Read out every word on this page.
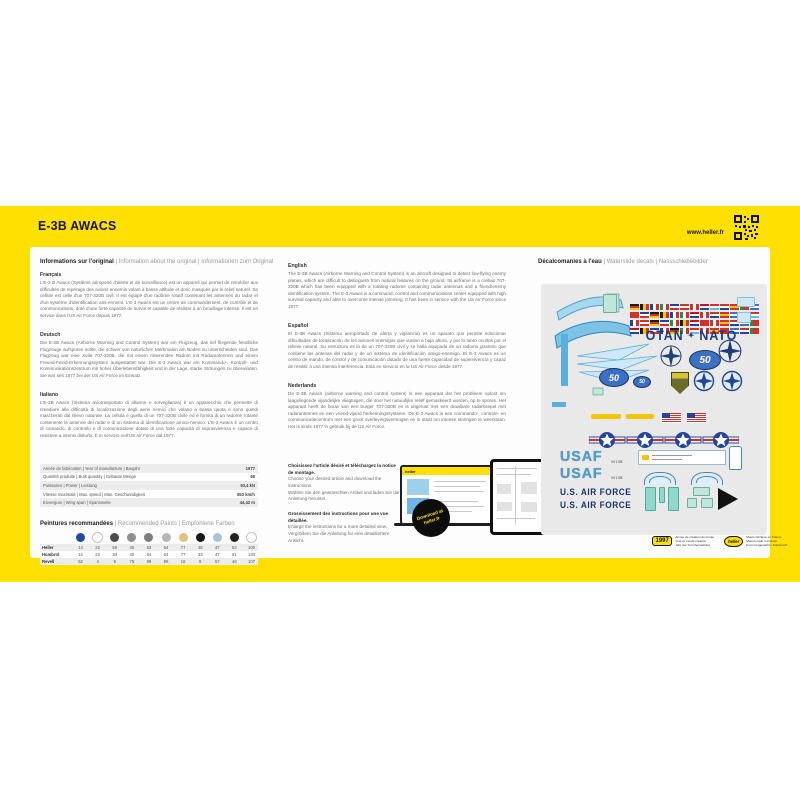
E-3B AWACS	www.heller.fr
Informations sur l'original | Information about the original | Informationen zum Original
Français
L'E-3 B Awacs (Système aéroporté d'alerte et de surveillance) est un appareil qui permet de remédier aux difficultés de repérage des avions ennemis volant à basse altitude et donc masqués par le relief naturel. Sa cellule est celle d'un 707-320B civil. Il est équipé d'un radôme rotatif contenant les antennes du radar et d'un système d'identification ami-ennemi. L'E-3 Awacs est un centre de commandement, de contrôle et de communications, doté d'une forte capacité de survie et capable de résister à un brouillage intense. Il est en service dans l'US Air Force depuis 1977.
Deutsch
Die E-3B Awacs (Airborne Warning and Control System) war ein Flugzeug, das tief fliegende feindliche Flugzeuge aufspüren sollte, die schwer von natürlichen Merkmalen am Boden zu unterscheiden sind. Das Flugzeug war eine zivile 707-320B, die mit einem rotierenden Radom mit Radarantennen und einem Freund-Feind-Erkennungssystem ausgestattet war. Die E-3 Awacs war ein Kommando-, Kontroll- und Kommunikationszentrum mit hoher Überlebensfähigkeit und in der Lage, starke Störungen zu überwinden. Sie war seit 1977 bei der US Air Force im Einsatz.
Italiano
L'E-3B Awacs (Sistema aviotrasportato di allarme e sorveglianza) è un apparecchio che permette di rimediare alle difficoltà di localizzazione degli aerei nemici che volano a bassa quota e sono quindi mascherati dal rilievo naturale. La cellula è quella di un 707-320B civile ed è fornita di un radome rotante contenente le antenne del radar e di un sistema di identificazione amico-nemico. L'E-3 Awacs è un centro di comando, di controllo e di comunicazione dotato di una forte capacità di sopravvivenza e capace di resistere a intensi disturbi. È in servizio nell'US Air Force dal 1977.
Année de fabrication | Year of manufacture | Baujahr	1977
Quantité produite | Built quantity | Gebaute Menge	68
Puissance | Power | Leistung	93,4 kN
Vitesse maximale | Max. speed | Max. Geschwindigkeit	853 km/h
Envergure | Wing span | Spannweite	44,42 m
Peintures recommandées | Recommended Paints | Empfohlene Farben
Heller	14	22	58	40	53	54	77	48	47	53	100
Humbrol	14	22	33	40	64	64	77	33	47	91	130
Revell	52	4	9	75	99	99	16	9	57	46	107
English
The E-3B Awacs (Airborne Warning and Control System) is an aircraft designed to detect low-flying enemy planes, which are difficult to distinguish from natural features on the ground. Its airframe is a civilian 707-320B which has been equipped with a rotating radome containing radar antennas and a friend/enemy identification system. The E-3 Awacs is a command, control and communications center equipped with high survival capacity and able to overcome intense jamming. It has been in service with the US Air Force since 1977.
Español
El E-3B Awacs (Sistema aeroportado de alerta y vigilancia) es un aparato que permite solucionar dificultades de localización de los aviones enemigos que vuelan a baja altura, y por lo tanto ocultos por el relieve natural. Su estructura es la de un 707-320B civil y se halla equipada de un radomo giratorio que contiene las antenas del radar y de un sistema de identificación amigo-enemigo. El E-3 Awacs es un centro de mando, de control y de comunicación dotado de una fuerte capacidad de supervivencia y capaz de resistir a una intensa interferencia. Está en servicio en la US Air Force desde 1977.
Nederlands
De E-3B Awacs (airborne warning and control system) is een apparaat dat het probleem oplost om laagvliegende vijandelijke vliegtuigen, die door het natuurlijke reliëf gemaskeerd worden, op te sporen. Het apparaat heeft de bouw van een burger 707-320B en is uitgerust met een draaibare radarkoepel met radarantennes en een vriend-vijand herkenningssysteem. De E-3 Awacs is een commando-, controle- en communicatiecentrum met een groot overlevingsvermogen en in staat om intense storingen te weerstaan. Het is sinds 1977 in gebruik bij de US Air Force.
Choisissez l'article désiré et téléchargez la notice de montage.
Choose your desired article and download the instructions.
Wählen Sie den gewünschten Artikel und laden Sie die Anleitung herunter.
Grossissement des instructions pour une vue détaillée.
Enlarge the instructions for a more detailed view.
Vergrößern Sie die Anleitung für eine detailliertere Ansicht.
heller
Download at heller.fr
Décalcomanies à l'eau | Waterslide decals | Nassschiebebilder
OTAN ✦ NATO
50
50	50
USAF
USAF
0013B
0013B
U.S. AIR FORCE
U.S. AIR FORCE
1997
Année de création du moule
Year of mould creation
Jahr der Formherstellung
heller
Moule fabriqué en France
Mould made in France
Form hergestellt in Frankreich
